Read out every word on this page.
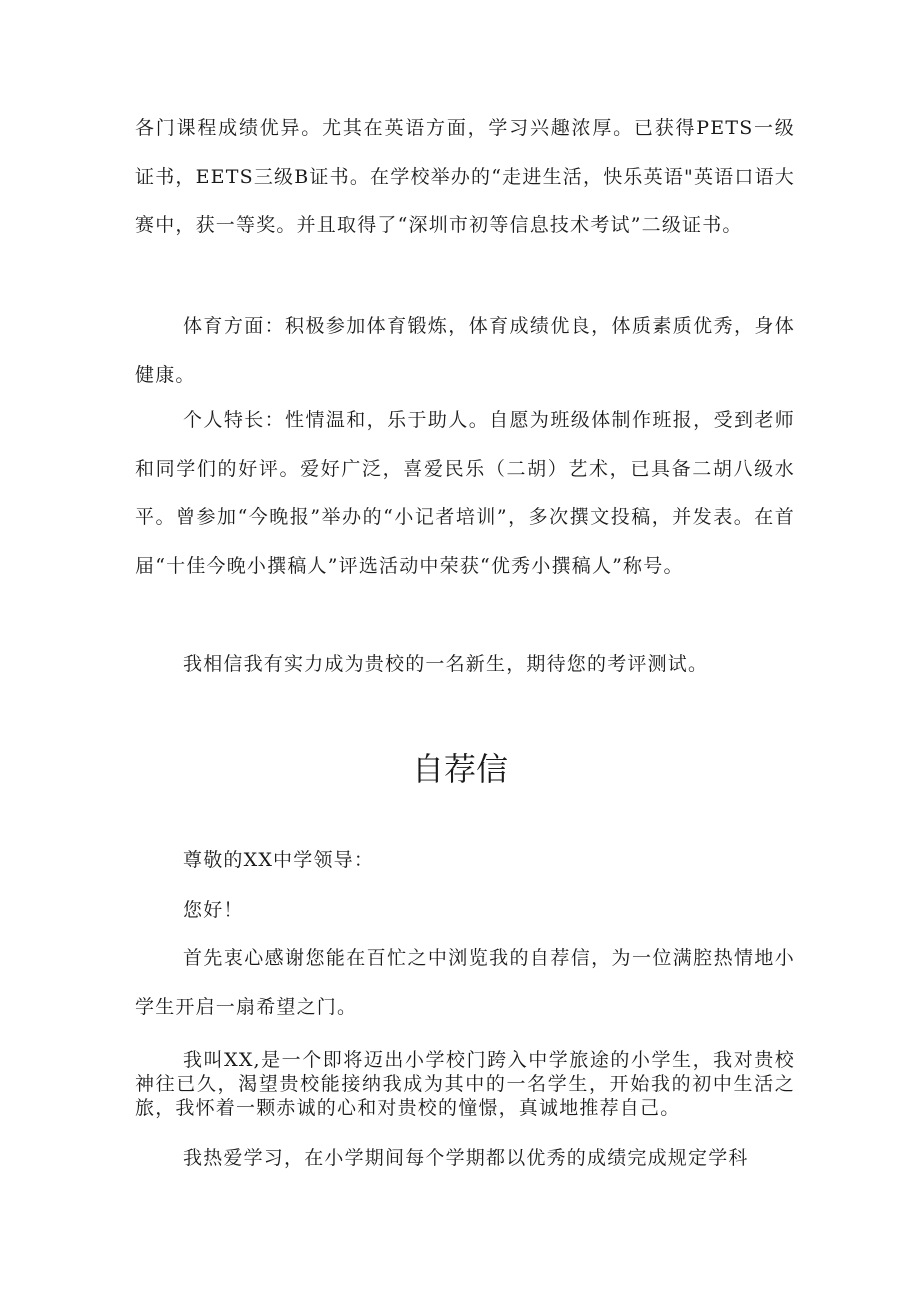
各门课程成绩优异。尤其在英语方面，学习兴趣浓厚。已获得PETS一级证书，EETS三级B证书。在学校举办的“走进生活，快乐英语"英语口语大赛中，获一等奖。并且取得了“深圳市初等信息技术考试”二级证书。

体育方面：积极参加体育锻炼，体育成绩优良，体质素质优秀，身体健康。

个人特长：性情温和，乐于助人。自愿为班级体制作班报，受到老师和同学们的好评。爱好广泛，喜爱民乐（二胡）艺术，已具备二胡八级水平。曾参加“今晚报”举办的“小记者培训”，多次撰文投稿，并发表。在首届“十佳今晚小撰稿人”评选活动中荣获“优秀小撰稿人”称号。

我相信我有实力成为贵校的一名新生，期待您的考评测试。

自荐信

尊敬的XX中学领导：

您好！

首先衷心感谢您能在百忙之中浏览我的自荐信，为一位满腔热情地小学生开启一扇希望之门。

我叫XX,是一个即将迈出小学校门跨入中学旅途的小学生，我对贵校神往已久，渴望贵校能接纳我成为其中的一名学生，开始我的初中生活之旅，我怀着一颗赤诚的心和对贵校的憧憬，真诚地推荐自己。

我热爱学习，在小学期间每个学期都以优秀的成绩完成规定学科
